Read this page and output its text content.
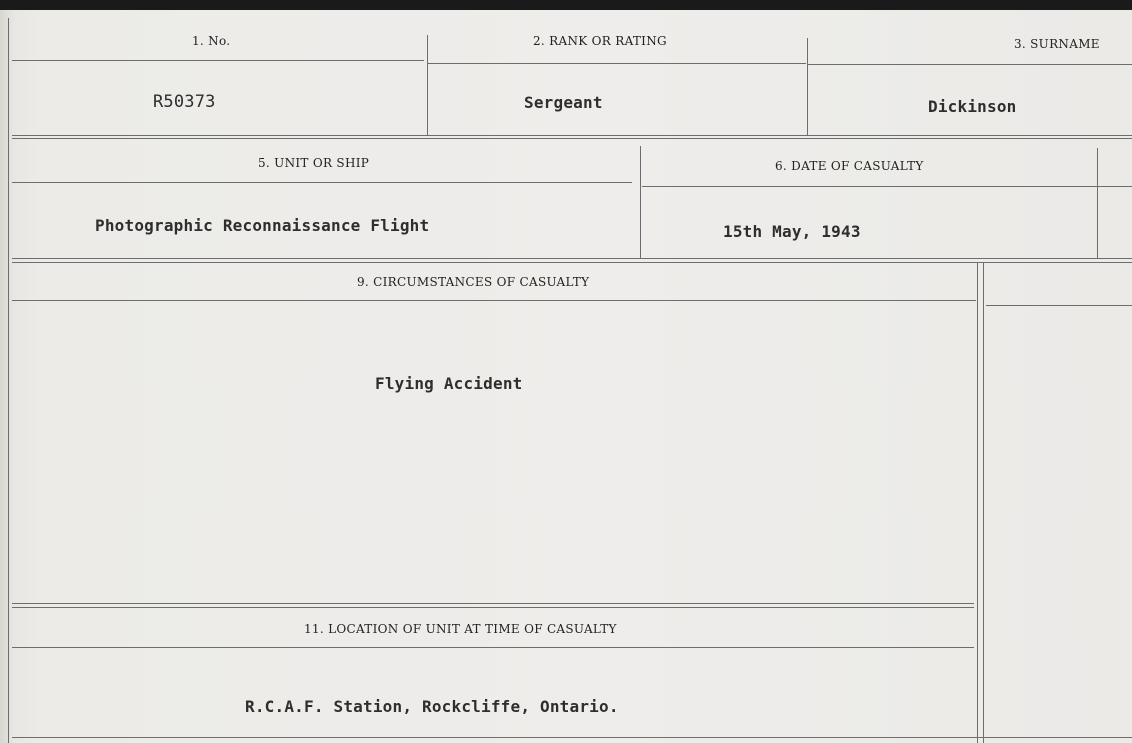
1. No.
R50373
2. RANK OR RATING
Sergeant
3. SURNAME
Dickinson
5. UNIT OR SHIP
Photographic Reconnaissance Flight
6. DATE OF CASUALTY
15th May, 1943
9. CIRCUMSTANCES OF CASUALTY
Flying Accident
11. LOCATION OF UNIT AT TIME OF CASUALTY
R.C.A.F. Station, Rockcliffe, Ontario.
